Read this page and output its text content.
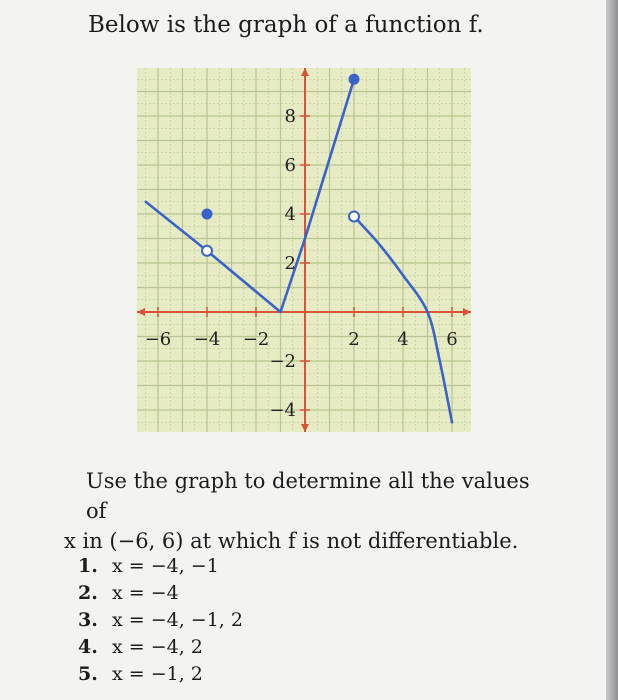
Below is the graph of a function f.
−6 −4 −2	2 4 6
8
6
4
2
−2
−4
Use the graph to determine all the values of
x in (−6, 6) at which f is not differentiable.
1. x = −4, −1
2. x = −4
3. x = −4, −1, 2
4. x = −4, 2
5. x = −1, 2
